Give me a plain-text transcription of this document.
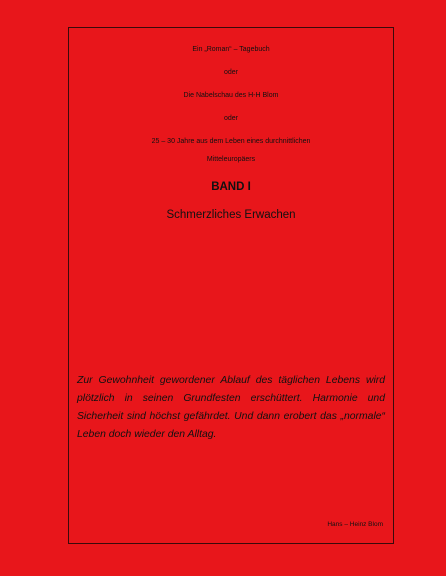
Ein „Roman“ – Tagebuch
oder
Die Nabelschau des H-H Blom
oder
25 – 30 Jahre aus dem Leben eines durchnittlichen
Mitteleuropäers
BAND I
Schmerzliches Erwachen
Zur Gewohnheit gewordener Ablauf des täglichen Lebens wird plötzlich in seinen Grundfesten erschüttert. Harmonie und Sicherheit sind höchst gefährdet. Und dann erobert das „normale“ Leben doch wieder den Alltag.
Hans – Heinz Blom
